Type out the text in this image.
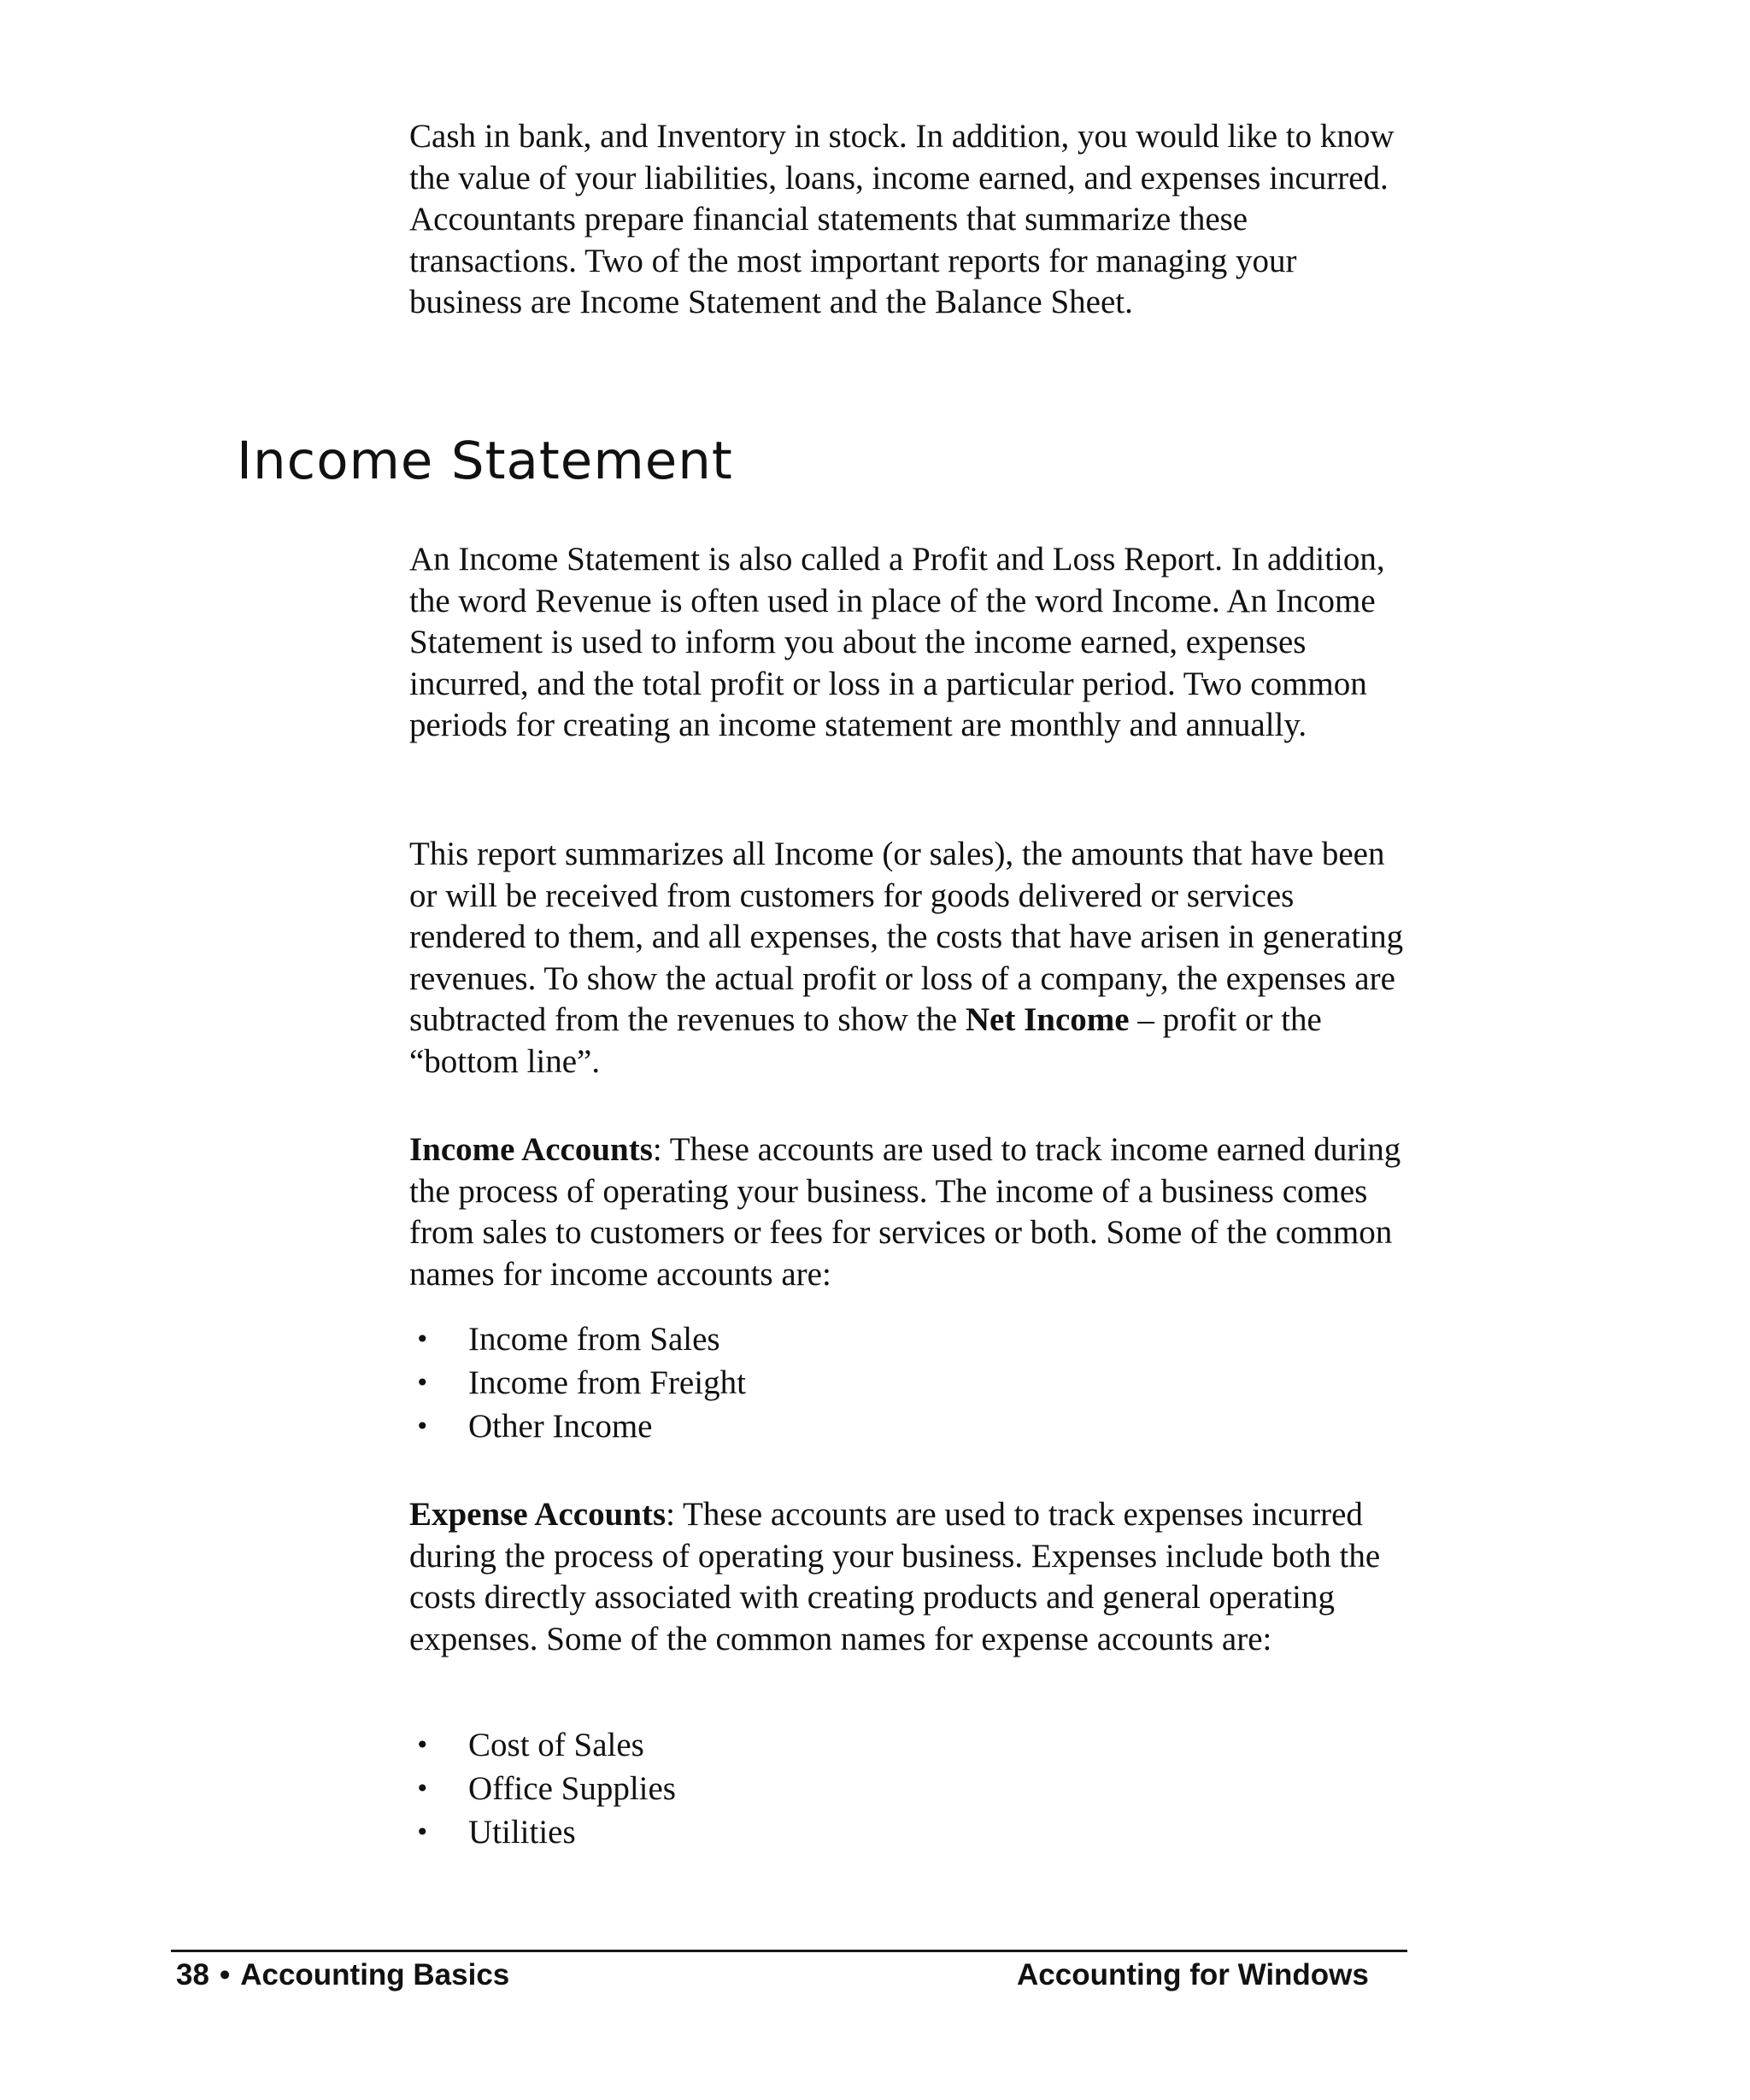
Cash in bank, and Inventory in stock. In addition, you would like to know the value of your liabilities, loans, income earned, and expenses incurred. Accountants prepare financial statements that summarize these transactions. Two of the most important reports for managing your business are Income Statement and the Balance Sheet.

Income Statement

An Income Statement is also called a Profit and Loss Report. In addition, the word Revenue is often used in place of the word Income. An Income Statement is used to inform you about the income earned, expenses incurred, and the total profit or loss in a particular period. Two common periods for creating an income statement are monthly and annually.

This report summarizes all Income (or sales), the amounts that have been or will be received from customers for goods delivered or services rendered to them, and all expenses, the costs that have arisen in generating revenues. To show the actual profit or loss of a company, the expenses are subtracted from the revenues to show the Net Income – profit or the “bottom line”.

Income Accounts: These accounts are used to track income earned during the process of operating your business. The income of a business comes from sales to customers or fees for services or both. Some of the common names for income accounts are:

• Income from Sales
• Income from Freight
• Other Income

Expense Accounts: These accounts are used to track expenses incurred during the process of operating your business. Expenses include both the costs directly associated with creating products and general operating expenses. Some of the common names for expense accounts are:

• Cost of Sales
• Office Supplies
• Utilities
38 • Accounting Basics	Accounting for Windows
